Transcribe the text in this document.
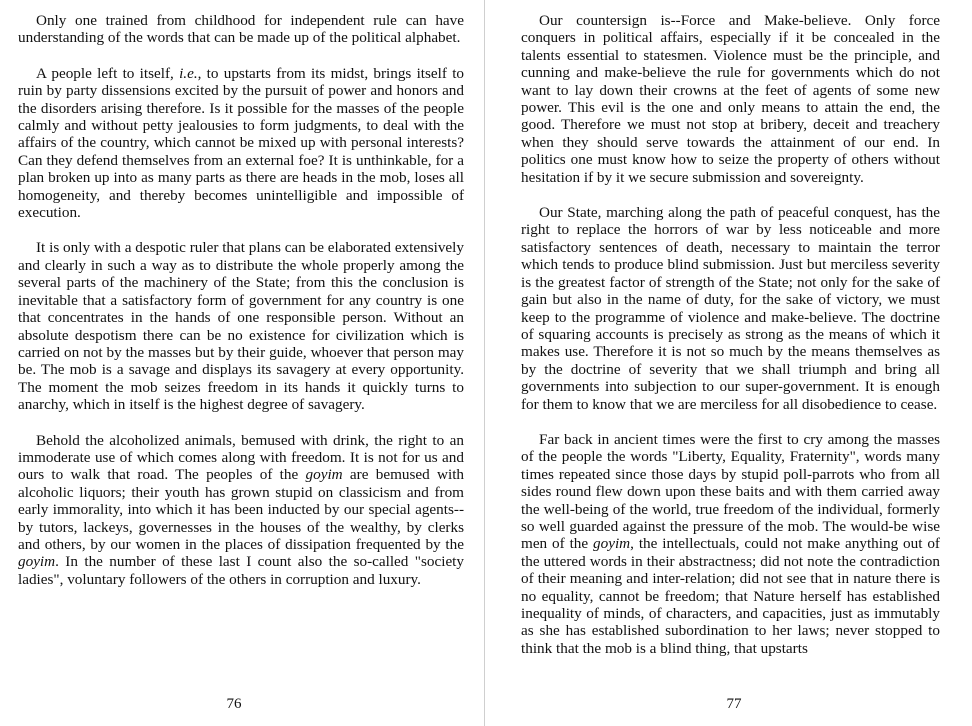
Only one trained from childhood for independent rule can have understanding of the words that can be made up of the political alphabet.

A people left to itself, i.e., to upstarts from its midst, brings itself to ruin by party dissensions excited by the pursuit of power and honors and the disorders arising therefore. Is it possible for the masses of the people calmly and without petty jealousies to form judgments, to deal with the affairs of the country, which cannot be mixed up with personal interests? Can they defend themselves from an external foe? It is unthinkable, for a plan broken up into as many parts as there are heads in the mob, loses all homogeneity, and thereby becomes unintelligible and impossible of execution.

It is only with a despotic ruler that plans can be elaborated extensively and clearly in such a way as to distribute the whole properly among the several parts of the machinery of the State; from this the conclusion is inevitable that a satisfactory form of government for any country is one that concentrates in the hands of one responsible person. Without an absolute despotism there can be no existence for civilization which is carried on not by the masses but by their guide, whoever that person may be. The mob is a savage and displays its savagery at every opportunity. The moment the mob seizes freedom in its hands it quickly turns to anarchy, which in itself is the highest degree of savagery.

Behold the alcoholized animals, bemused with drink, the right to an immoderate use of which comes along with freedom. It is not for us and ours to walk that road. The peoples of the goyim are bemused with alcoholic liquors; their youth has grown stupid on classicism and from early immorality, into which it has been inducted by our special agents--by tutors, lackeys, governesses in the houses of the wealthy, by clerks and others, by our women in the places of dissipation frequented by the goyim. In the number of these last I count also the so-called "society ladies", voluntary followers of the others in corruption and luxury.

76

Our countersign is--Force and Make-believe. Only force conquers in political affairs, especially if it be concealed in the talents essential to statesmen. Violence must be the principle, and cunning and make-believe the rule for governments which do not want to lay down their crowns at the feet of agents of some new power. This evil is the one and only means to attain the end, the good. Therefore we must not stop at bribery, deceit and treachery when they should serve towards the attainment of our end. In politics one must know how to seize the property of others without hesitation if by it we secure submission and sovereignty.

Our State, marching along the path of peaceful conquest, has the right to replace the horrors of war by less noticeable and more satisfactory sentences of death, necessary to maintain the terror which tends to produce blind submission. Just but merciless severity is the greatest factor of strength of the State; not only for the sake of gain but also in the name of duty, for the sake of victory, we must keep to the programme of violence and make-believe. The doctrine of squaring accounts is precisely as strong as the means of which it makes use. Therefore it is not so much by the means themselves as by the doctrine of severity that we shall triumph and bring all governments into subjection to our super-government. It is enough for them to know that we are merciless for all disobedience to cease.

Far back in ancient times were the first to cry among the masses of the people the words "Liberty, Equality, Fraternity", words many times repeated since those days by stupid poll-parrots who from all sides round flew down upon these baits and with them carried away the well-being of the world, true freedom of the individual, formerly so well guarded against the pressure of the mob. The would-be wise men of the goyim, the intellectuals, could not make anything out of the uttered words in their abstractness; did not note the contradiction of their meaning and inter-relation; did not see that in nature there is no equality, cannot be freedom; that Nature herself has established inequality of minds, of characters, and capacities, just as immutably as she has established subordination to her laws; never stopped to think that the mob is a blind thing, that upstarts

77
